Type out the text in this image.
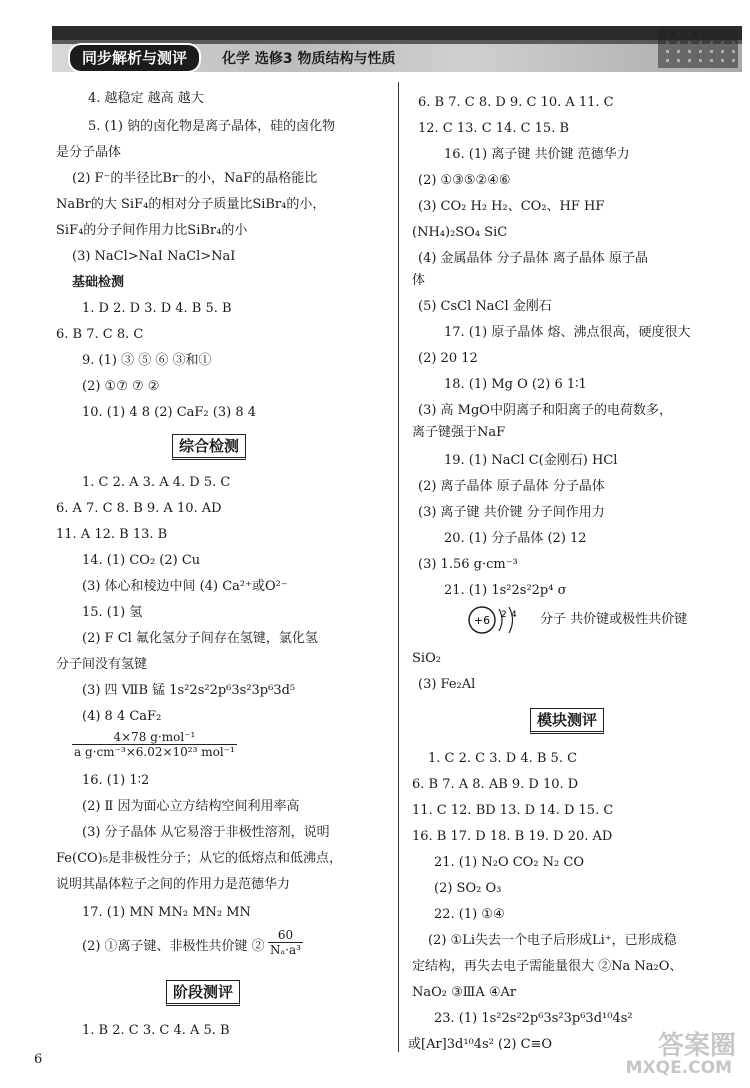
同步解析与测评	化学 选修3 物质结构与性质
4. 越稳定 越高 越大
5. (1) 钠的卤化物是离子晶体，硅的卤化物
是分子晶体
(2) F⁻的半径比Br⁻的小，NaF的晶格能比
NaBr的大 SiF₄的相对分子质量比SiBr₄的小，
SiF₄的分子间作用力比SiBr₄的小
(3) NaCl>NaI NaCl>NaI
基础检测
1. D 2. D 3. D 4. B 5. B
6. B 7. C 8. C
9. (1) ③ ⑤ ⑥ ③和①
(2) ①⑦ ⑦ ②
10. (1) 4 8 (2) CaF₂ (3) 8 4
综合检测
1. C 2. A 3. A 4. D 5. C
6. A 7. C 8. B 9. A 10. AD
11. A 12. B 13. B
14. (1) CO₂ (2) Cu
(3) 体心和棱边中间 (4) Ca²⁺或O²⁻
15. (1) 氢
(2) F Cl 氟化氢分子间存在氢键，氯化氢
分子间没有氢键
(3) 四 ⅦB 锰 1s²2s²2p⁶3s²3p⁶3d⁵
(4) 8 4 CaF₂
4×78 g·mol⁻¹
a g·cm⁻³×6.02×10²³ mol⁻¹
16. (1) 1∶2
(2) Ⅱ 因为面心立方结构空间利用率高
(3) 分子晶体 从它易溶于非极性溶剂，说明
Fe(CO)₅是非极性分子；从它的低熔点和低沸点，
说明其晶体粒子之间的作用力是范德华力
17. (1) MN MN₂ MN₂ MN
(2) ①离子键、非极性共价键 ② $\frac{60}{\text{Nₐ·a³}}$
阶段测评
1. B 2. C 3. C 4. A 5. B
6. B 7. C 8. D 9. C 10. A 11. C
12. C 13. C 14. C 15. B
16. (1) 离子键 共价键 范德华力
(2) ①③⑤②④⑥
(3) CO₂ H₂ H₂、CO₂、HF HF
(NH₄)₂SO₄ SiC
(4) 金属晶体 分子晶体 离子晶体 原子晶
体
(5) CsCl NaCl 金刚石
17. (1) 原子晶体 熔、沸点很高，硬度很大
(2) 20 12
18. (1) Mg O (2) 6 1∶1
(3) 高 MgO中阴离子和阳离子的电荷数多，
离子键强于NaF
19. (1) NaCl C(金刚石) HCl
(2) 离子晶体 原子晶体 分子晶体
(3) 离子键 共价键 分子间作用力
20. (1) 分子晶体 (2) 12
(3) 1.56 g·cm⁻³
21. (1) 1s²2s²2p⁴ σ
+6 2 4 分子 共价键或极性共价键
SiO₂
(3) Fe₂Al
模块测评
1. C 2. C 3. D 4. B 5. C
6. B 7. A 8. AB 9. D 10. D
11. C 12. BD 13. D 14. D 15. C
16. B 17. D 18. B 19. D 20. AD
21. (1) N₂O CO₂ N₂ CO
(2) SO₂ O₃
22. (1) ①④
(2) ①Li失去一个电子后形成Li⁺，已形成稳
定结构，再失去电子需能量很大 ②Na Na₂O、
NaO₂ ③ⅢA ④Ar
23. (1) 1s²2s²2p⁶3s²3p⁶3d¹⁰4s²
或[Ar]3d¹⁰4s² (2) C≡O
6	答案圈
MXQE.COM
